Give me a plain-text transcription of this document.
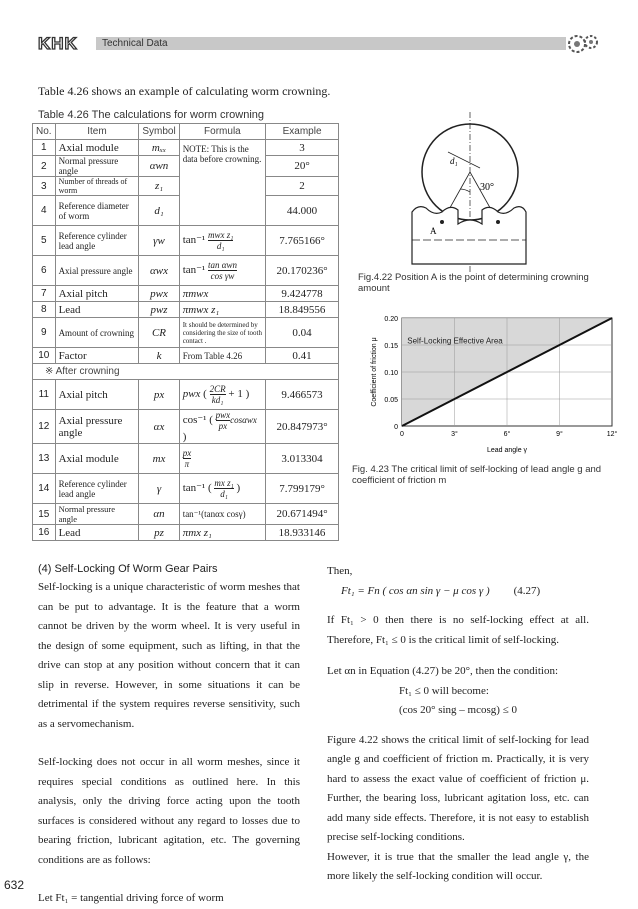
KHK Technical Data
Table 4.26 shows an example of calculating worm crowning.
Table 4.26 The calculations for worm crowning
No.	Item	Symbol	Formula	Example
1	Axial module	mₓₓ	NOTE: This is the data before crowning.	3
2	Normal pressure angle	αwn		20°
3	Number of threads of worm	z₁		2
4	Reference diameter of worm	d₁		44.000
5	Reference cylinder lead angle	γw	$\tan^{-1} \frac{\text{mwx z₁}}{\text{d₁}}$	7.765166°
6	Axial pressure angle	αwx	$\tan^{-1} \frac{\text{tan αwn}}{\text{cos γw}}$	20.170236°
7	Axial pitch	pwx	πmwx	9.424778
8	Lead	pwz	πmwx z₁	18.849556
9	Amount of crowning	CR	It should be determined by considering the size of tooth contact .	0.04
10	Factor	k	From Table 4.26	0.41
※ After crowning				
11	Axial pitch	px	pwx ( $\frac{2CR}{\text{kd₁}} + 1$ )	9.466573
12	Axial pressure angle	αx	cos⁻¹ ( $\frac{\text{pwx}}{px}$ cosαwx )	20.847973°
13	Axial module	mx	$\frac{px}{\pi}$	3.013304
14	Reference cylinder lead angle	γ	tan⁻¹ ( $\frac{\text{mx z₁}}{\text{d₁}}$ )	7.799179°
15	Normal pressure angle	αn	tan⁻¹(tanαx cosγ)	20.671494°
16	Lead	pz	πmx z₁	18.933146
d₁
30°
A
Fig.4.22 Position A is the point of determining crowning amount
0
0.05
0.10
0.15
0.20
0	3°	6°	9°	12°
Self-Locking Effective Area
Lead angle γ
Coefficient of friction μ
Fig. 4.23 The critical limit of self-locking of lead angle g and coefficient of friction m
(4) Self-Locking Of Worm Gear Pairs

Self-locking is a unique characteristic of worm meshes that can be put to advantage. It is the feature that a worm cannot be driven by the worm wheel. It is very useful in the design of some equipment, such as lifting, in that the drive can stop at any position without concern that it can slip in reverse. However, in some situations it can be detrimental if the system requires reverse sensitivity, such as a servomechanism.

Self-locking does not occur in all worm meshes, since it requires special conditions as outlined here. In this analysis, only the driving force acting upon the tooth surfaces is considered without any regard to losses due to bearing friction, lubricant agitation, etc. The governing conditions are as follows:

Let Ft₁ = tangential driving force of worm

Then,

Ft₁ = Fn ( cos αn sin γ − μ cos γ ) (4.27)

If Ft₁ > 0 then there is no self-locking effect at all. Therefore, Ft₁ ≤ 0 is the critical limit of self-locking.

Let αn in Equation (4.27) be 20°, then the condition:

Ft₁ ≤ 0 will become:

(cos 20° sing – mcosg) ≤ 0

Figure 4.22 shows the critical limit of self-locking for lead angle g and coefficient of friction m. Practically, it is very hard to assess the exact value of coefficient of friction μ. Further, the bearing loss, lubricant agitation loss, etc. can add many side effects. Therefore, it is not easy to establish precise self-locking conditions.

However, it is true that the smaller the lead angle γ, the more likely the self-locking condition will occur.

632
